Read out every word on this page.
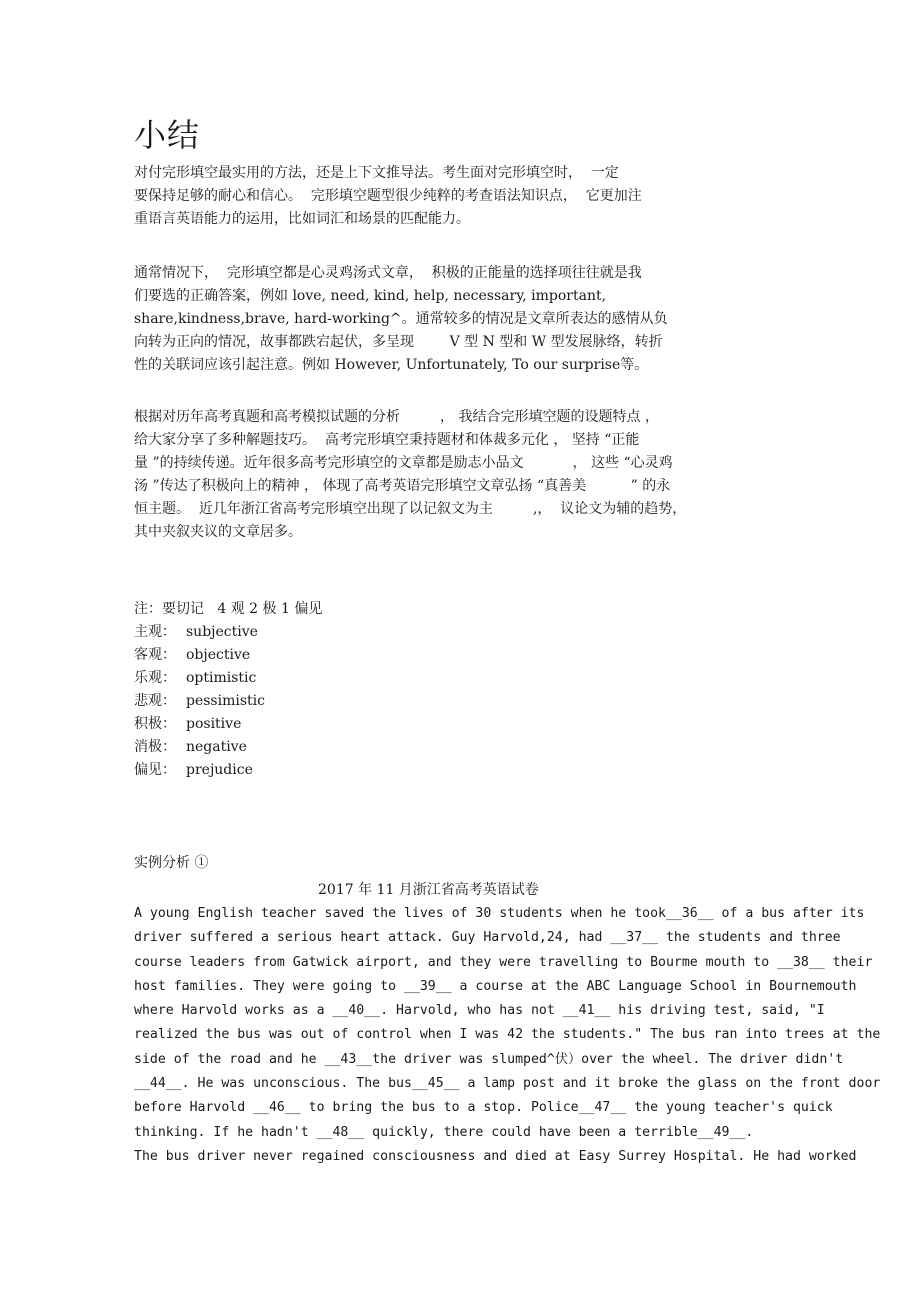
小结
对付完形填空最实用的方法，还是上下文推导法。考生面对完形填空时，  一定
要保持足够的耐心和信心。  完形填空题型很少纯粹的考查语法知识点，  它更加注
重语言英语能力的运用，比如词汇和场景的匹配能力。
通常情况下，  完形填空都是心灵鸡汤式文章，  积极的正能量的选择项往往就是我
们要选的正确答案，例如 love, need, kind, help, necessary, important,
share,kindness,brave, hard-working^。通常较多的情况是文章所表达的感情从负
向转为正向的情况，故事都跌宕起伏，多呈现        V 型 N 型和 W 型发展脉络，转折
性的关联词应该引起注意。例如 However, Unfortunately, To our surprise等。
根据对历年高考真题和高考模拟试题的分析         ， 我结合完形填空题的设题特点 ，
给大家分享了多种解题技巧。  高考完形填空秉持题材和体裁多元化 ， 坚持 “正能
量 ”的持续传递。近年很多高考完形填空的文章都是励志小品文           ， 这些 “心灵鸡
汤 ”传达了积极向上的精神 ， 体现了高考英语完形填空文章弘扬 “真善美          ” 的永
恒主题。  近几年浙江省高考完形填空出现了以记叙文为主         ,，  议论文为辅的趋势，
其中夹叙夹议的文章居多。
注：要切记   4 观 2 极 1 偏见
主观： subjective
客观： objective
乐观： optimistic
悲观： pessimistic
积极： positive
消极： negative
偏见： prejudice
实例分析 ①
2017 年 11 月浙江省高考英语试卷
A young English teacher saved the lives of 30 students when he took__36__ of a bus after its
driver suffered a serious heart attack. Guy Harvold,24, had __37__ the students and three
course leaders from Gatwick airport, and they were travelling to Bourme mouth to __38__ their
host families. They were going to __39__ a course at the ABC Language School in Bournemouth
where Harvold works as a __40__. Harvold, who has not __41__ his driving test, said, "I
realized the bus was out of control when I was 42 the students." The bus ran into trees at the
side of the road and he __43__the driver was slumped^伏）over the wheel. The driver didn't
__44__. He was unconscious. The bus__45__ a lamp post and it broke the glass on the front door
before Harvold __46__ to bring the bus to a stop. Police__47__ the young teacher's quick
thinking. If he hadn't __48__ quickly, there could have been a terrible__49__.
The bus driver never regained consciousness and died at Easy Surrey Hospital. He had worked
